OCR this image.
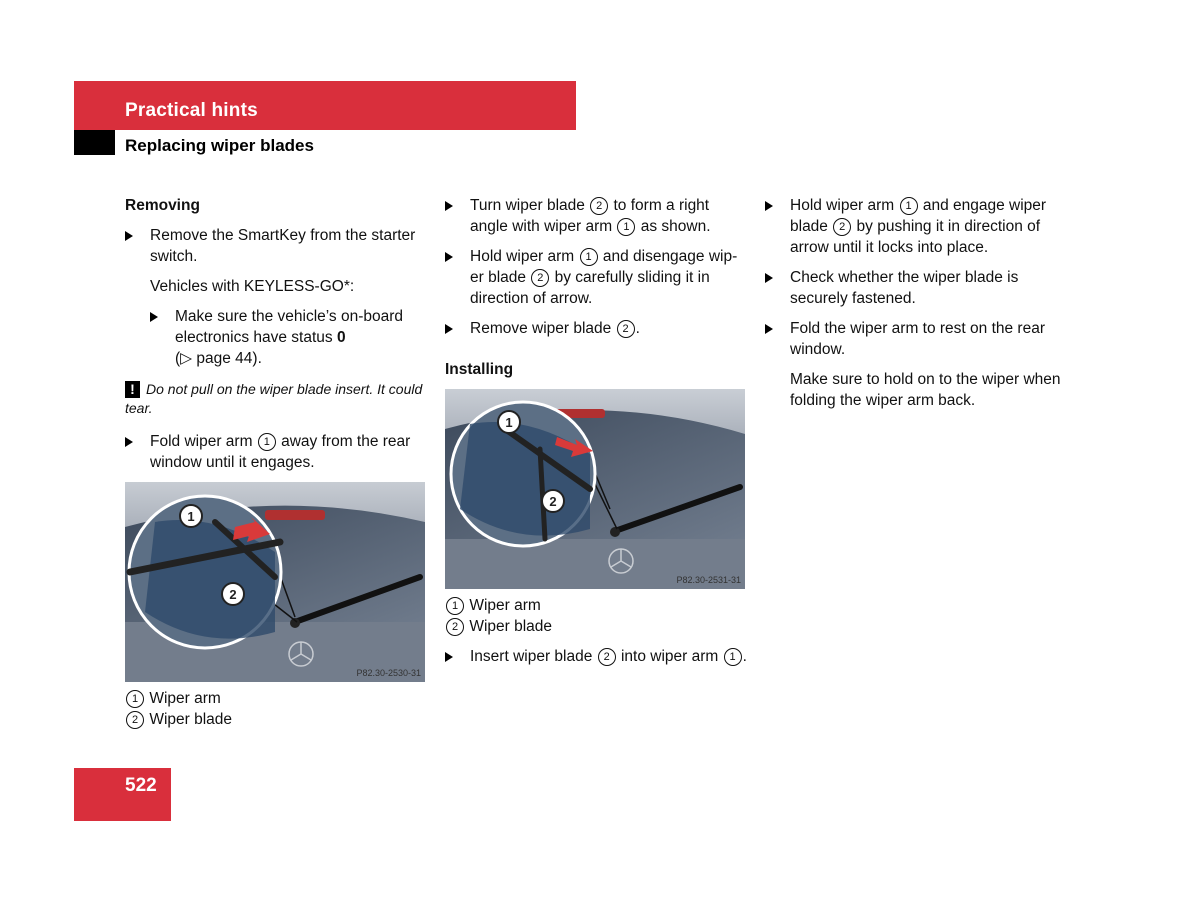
Practical hints
Replacing wiper blades
Removing
Remove the SmartKey from the starter switch.
Vehicles with KEYLESS-GO*:
Make sure the vehicle’s on-board electronics have status 0
(▷ page 44).
! Do not pull on the wiper blade insert. It could tear.
Fold wiper arm 1 away from the rear window until it engages.
1
2
P82.30-2530-31
1 Wiper arm
2 Wiper blade
Turn wiper blade 2 to form a right angle with wiper arm 1 as shown.
Hold wiper arm 1 and disengage wip-er blade 2 by carefully sliding it in direction of arrow.
Remove wiper blade 2 .
Installing
1
2
P82.30-2531-31
1 Wiper arm
2 Wiper blade
Insert wiper blade 2 into wiper arm 1 .
Hold wiper arm 1 and engage wiper blade 2 by pushing it in direction of arrow until it locks into place.
Check whether the wiper blade is securely fastened.
Fold the wiper arm to rest on the rear window.
Make sure to hold on to the wiper when folding the wiper arm back.
522
